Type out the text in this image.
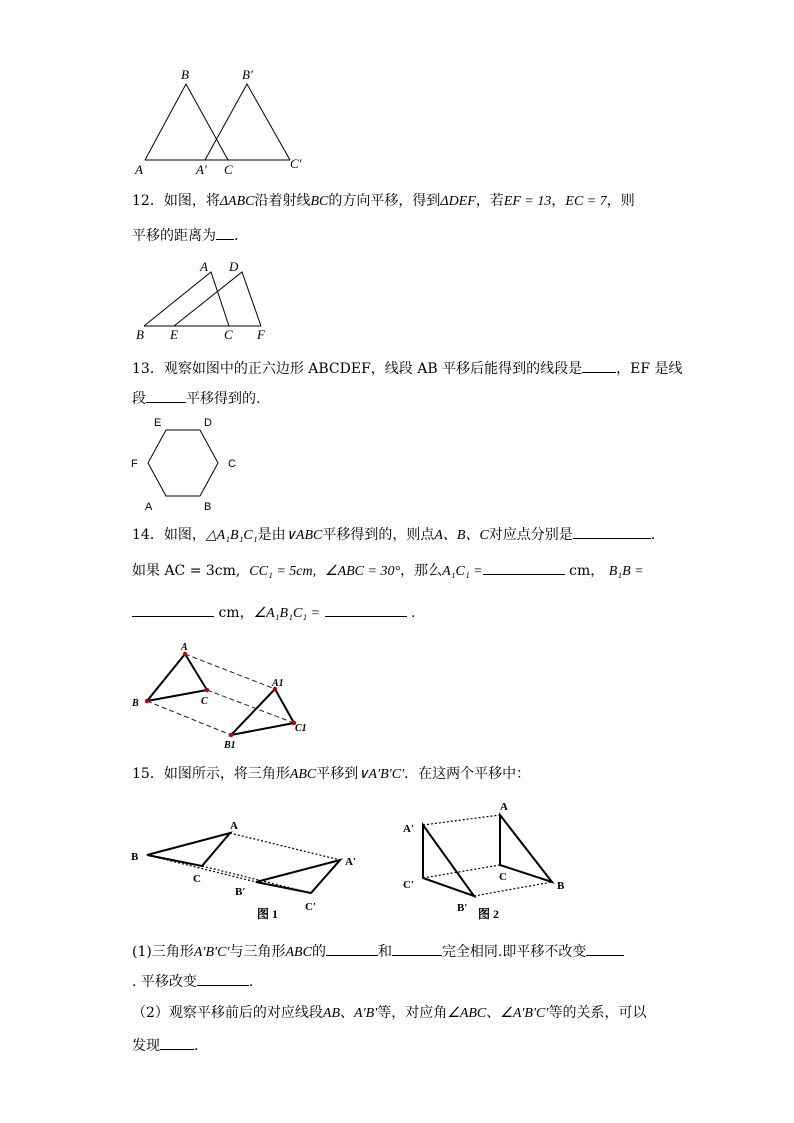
B	B′
A	A′ C	C′
A D
B E	C F
E	D
F	C
A	B
A
B	C
A1
B1
C1
A
B
C
A′
B′
C′
图 1
A
A′
C′
C
B
B′ 图 2
12．如图，将ΔABC沿着射线BC的方向平移，得到ΔDEF，若EF = 13，EC = 7，则
平移的距离为 .
13．观察如图中的正六边形 ABCDEF，线段 AB 平移后能得到的线段是 ，EF 是线
段	平移得到的.
14．如图，△A₁B₁C₁是由∨ABC平移得到的，则点A、B、C对应点分别是	.
如果 AC = 3cm, CC₁ = 5cm, ∠ABC = 30°，那么A₁C₁ =	cm， B₁B =
cm，∠A₁B₁C₁ =	.
15．如图所示，将三角形ABC平移到∨A′B′C′．在这两个平移中：
(1)三角形A′B′C′与三角形ABC的	和	完全相同.即平移不改变
. 平移改变	.
（2）观察平移前后的对应线段AB、A′B′等，对应角∠ABC、∠A′B′C′等的关系，可以
发现 .
